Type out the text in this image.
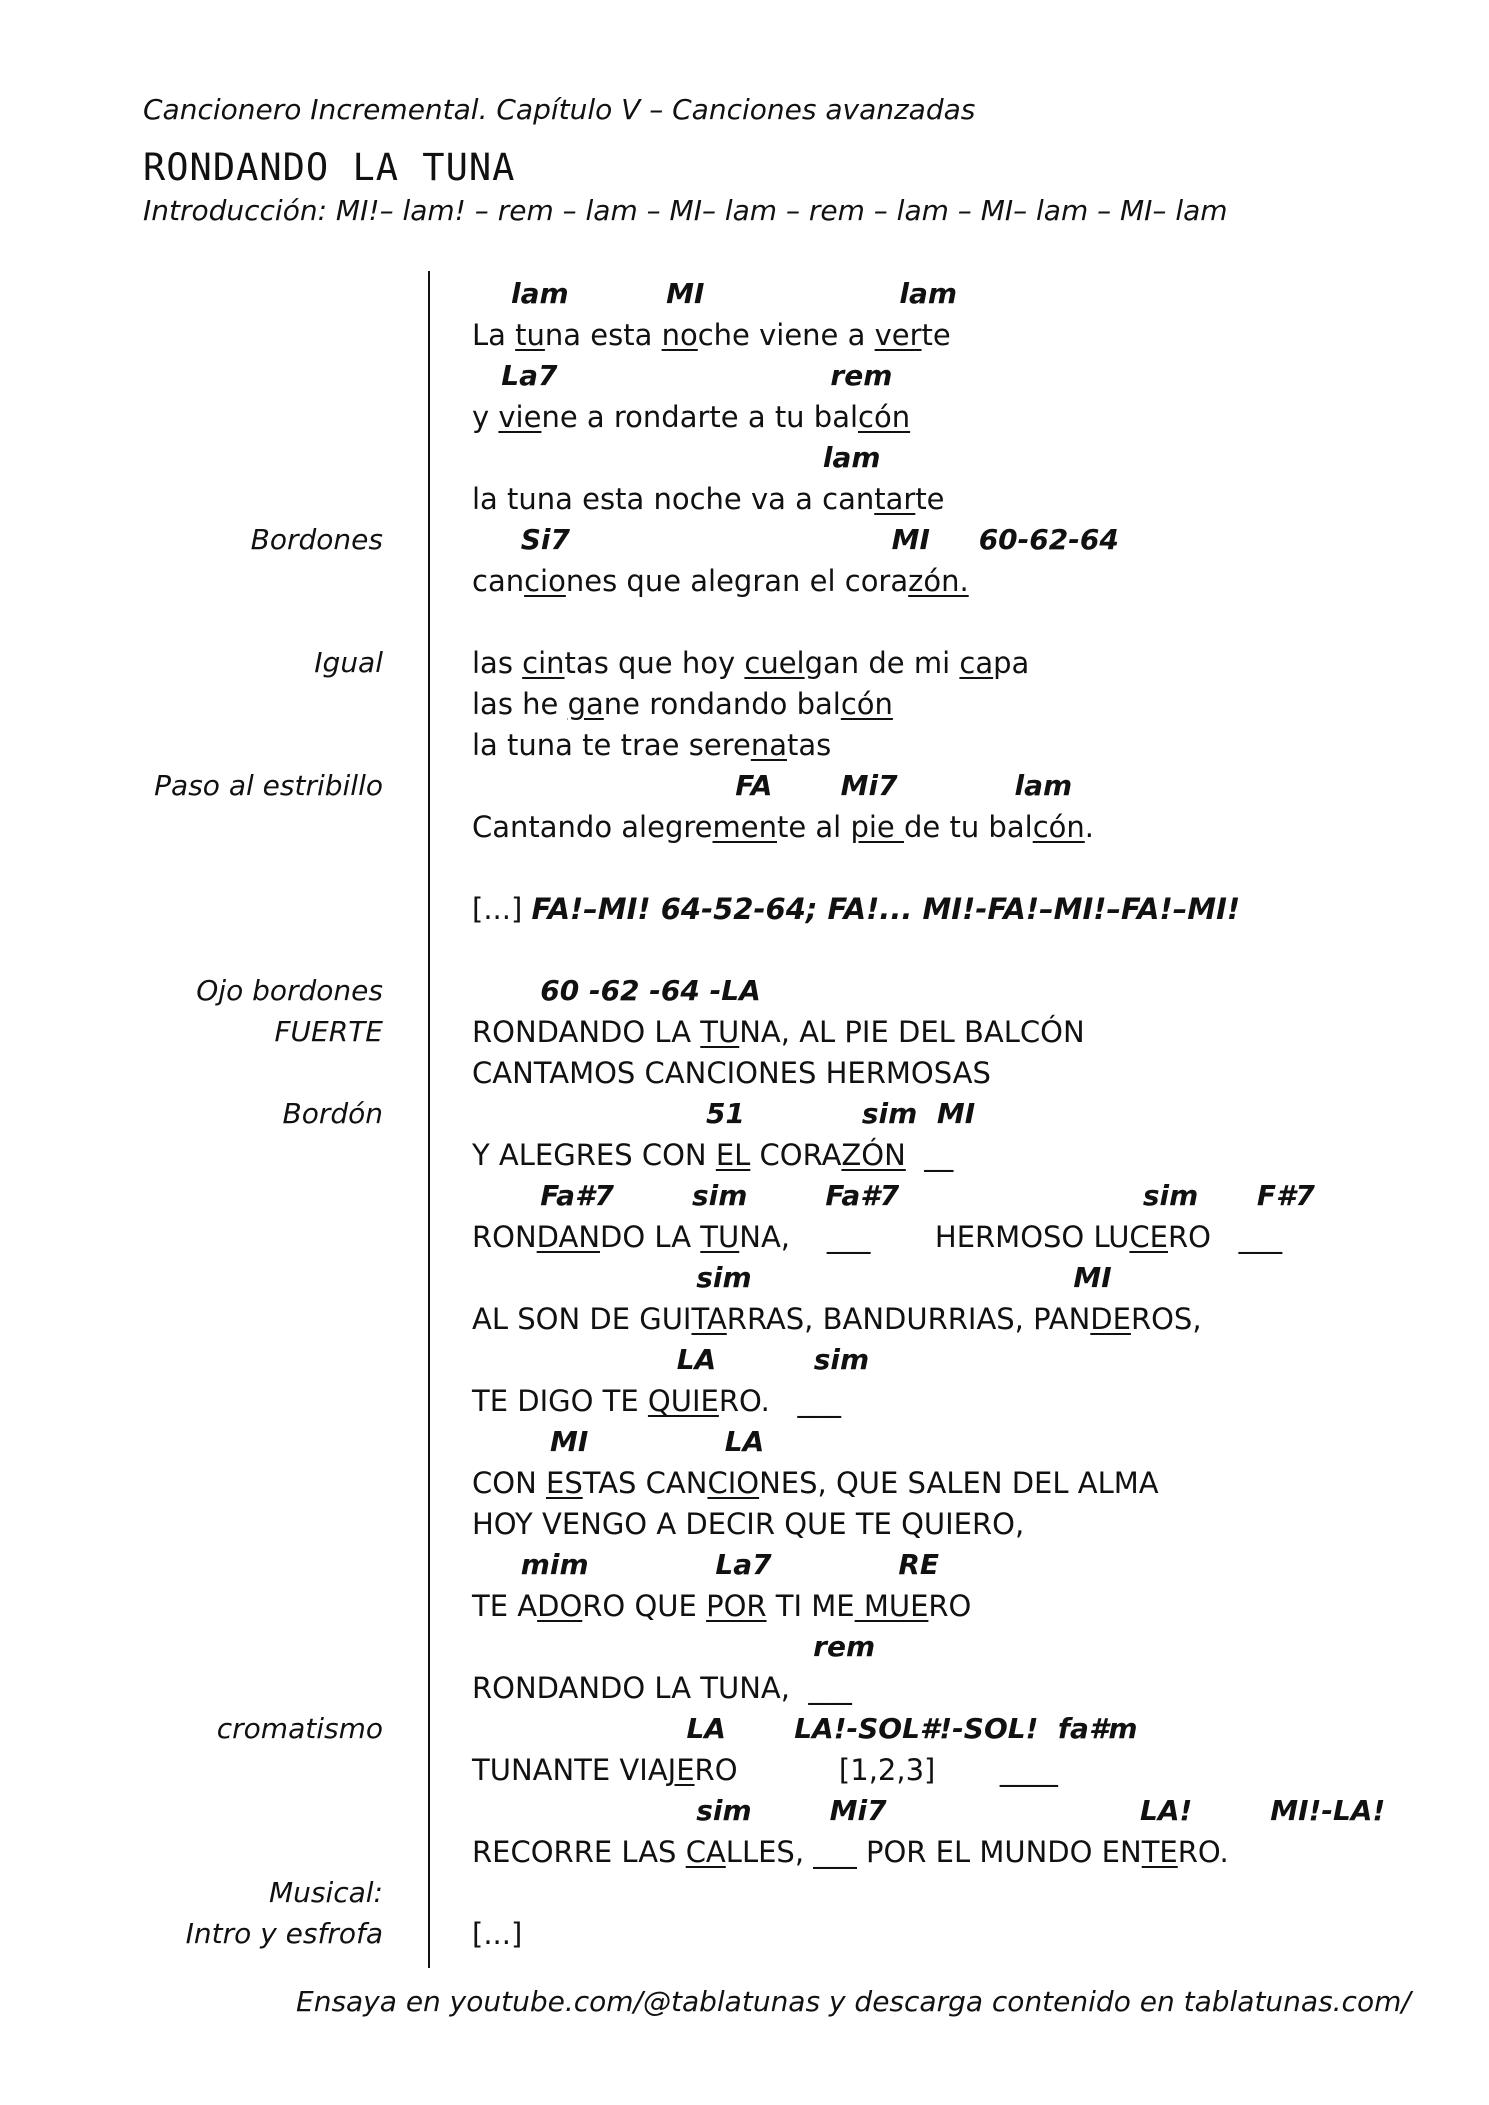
Cancionero Incremental. Capítulo V – Canciones avanzadas
RONDANDO LA TUNA
Introducción: MI!– lam! – rem – lam – MI– lam – rem – lam – MI– lam – MI– lam
lam          MI                    lam
La tuna esta noche viene a verte
La7                            rem
y viene a rondarte a tu balcón
lam
la tuna esta noche va a cantarte
Bordones	Si7                                 MI     60-62-64
canciones que alegran el corazón.
Igual	las cintas que hoy cuelgan de mi capa
las he gane rondando balcón
la tuna te trae serenatas
Paso al estribillo	FA       Mi7            lam
Cantando alegremente al pie de tu balcón.
[...] FA!–MI! 64-52-64; FA!... MI!-FA!–MI!–FA!–MI!
Ojo bordones	60 -62 -64 -LA
FUERTE	RONDANDO LA TUNA, AL PIE DEL BALCÓN
CANTAMOS CANCIONES HERMOSAS
Bordón	51            sim  MI
Y ALEGRES CON EL CORAZÓN  __
Fa#7        sim        Fa#7                         sim      F#7
RONDANDO LA TUNA,    ___       HERMOSO LUCERO   ___
sim                                 MI
AL SON DE GUITARRAS, BANDURRIAS, PANDEROS,
LA          sim
TE DIGO TE QUIERO.   ___
MI              LA
CON ESTAS CANCIONES, QUE SALEN DEL ALMA
HOY VENGO A DECIR QUE TE QUIERO,
mim             La7             RE
TE ADORO QUE POR TI ME MUERO
rem
RONDANDO LA TUNA,  ___
cromatismo	LA       LA!-SOL#!-SOL!  fa#m
TUNANTE VIAJERO           [1,2,3]       ____
sim        Mi7                          LA!        MI!-LA!
RECORRE LAS CALLES, ___ POR EL MUNDO ENTERO.
Musical:
Intro y esfrofa	[...]
Ensaya en youtube.com/@tablatunas y descarga contenido en tablatunas.com/
